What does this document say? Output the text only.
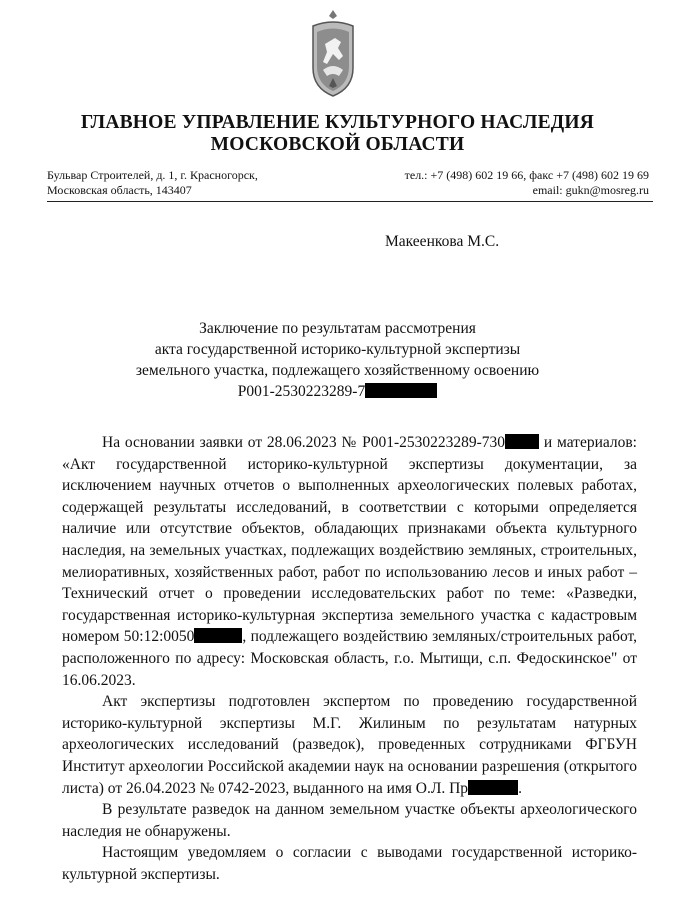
ГЛАВНОЕ УПРАВЛЕНИЕ КУЛЬТУРНОГО НАСЛЕДИЯ
МОСКОВСКОЙ ОБЛАСТИ
Бульвар Строителей, д. 1, г. Красногорск,
Московская область, 143407
тел.: +7 (498) 602 19 66, факс +7 (498) 602 19 69
email: gukn@mosreg.ru
Макеенкова М.С.
Заключение по результатам рассмотрения
акта государственной историко-культурной экспертизы
земельного участка, подлежащего хозяйственному освоению
Р001-2530223289-7

На основании заявки от 28.06.2023 № Р001-2530223289-730 и материалов: «Акт государственной историко-культурной экспертизы документации, за исключением научных отчетов о выполненных археологических полевых работах, содержащей результаты исследований, в соответствии с которыми определяется наличие или отсутствие объектов, обладающих признаками объекта культурного наследия, на земельных участках, подлежащих воздействию земляных, строительных, мелиоративных, хозяйственных работ, работ по использованию лесов и иных работ – Технический отчет о проведении исследовательских работ по теме: «Разведки, государственная историко-культурная экспертиза земельного участка с кадастровым номером 50:12:0050	, подлежащего воздействию земляных/строительных работ, расположенного по адресу: Московская область, г.о. Мытищи, с.п. Федоскинское" от 16.06.2023.

Акт экспертизы подготовлен экспертом по проведению государственной историко-культурной экспертизы М.Г. Жилиным по результатам натурных археологических исследований (разведок), проведенных сотрудниками ФГБУН Институт археологии Российской академии наук на основании разрешения (открытого листа) от 26.04.2023 № 0742-2023, выданного на имя О.Л. Пр	.

В результате разведок на данном земельном участке объекты археологического наследия не обнаружены.

Настоящим уведомляем о согласии с выводами государственной историко-культурной экспертизы.
